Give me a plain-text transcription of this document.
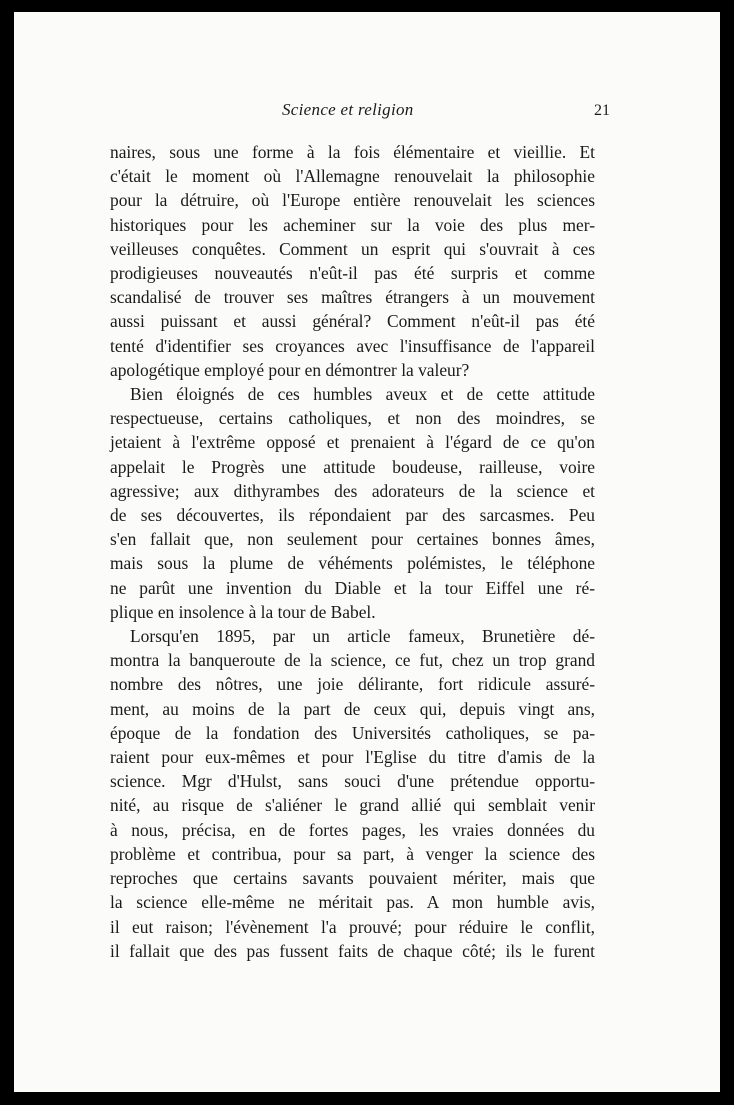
Science et religion	21

naires, sous une forme à la fois élémentaire et vieillie. Et
c'était le moment où l'Allemagne renouvelait la philosophie
pour la détruire, où l'Europe entière renouvelait les sciences
historiques pour les acheminer sur la voie des plus mer-
veilleuses conquêtes. Comment un esprit qui s'ouvrait à ces
prodigieuses nouveautés n'eût-il pas été surpris et comme
scandalisé de trouver ses maîtres étrangers à un mouvement
aussi puissant et aussi général? Comment n'eût-il pas été
tenté d'identifier ses croyances avec l'insuffisance de l'appareil
apologétique employé pour en démontrer la valeur?

Bien éloignés de ces humbles aveux et de cette attitude
respectueuse, certains catholiques, et non des moindres, se
jetaient à l'extrême opposé et prenaient à l'égard de ce qu'on
appelait le Progrès une attitude boudeuse, railleuse, voire
agressive; aux dithyrambes des adorateurs de la science et
de ses découvertes, ils répondaient par des sarcasmes. Peu
s'en fallait que, non seulement pour certaines bonnes âmes,
mais sous la plume de véhéments polémistes, le téléphone
ne parût une invention du Diable et la tour Eiffel une ré-
plique en insolence à la tour de Babel.

Lorsqu'en 1895, par un article fameux, Brunetière dé-
montra la banqueroute de la science, ce fut, chez un trop grand
nombre des nôtres, une joie délirante, fort ridicule assuré-
ment, au moins de la part de ceux qui, depuis vingt ans,
époque de la fondation des Universités catholiques, se pa-
raient pour eux-mêmes et pour l'Eglise du titre d'amis de la
science. Mgr d'Hulst, sans souci d'une prétendue opportu-
nité, au risque de s'aliéner le grand allié qui semblait venir
à nous, précisa, en de fortes pages, les vraies données du
problème et contribua, pour sa part, à venger la science des
reproches que certains savants pouvaient mériter, mais que
la science elle-même ne méritait pas. A mon humble avis,
il eut raison; l'évènement l'a prouvé; pour réduire le conflit,
il fallait que des pas fussent faits de chaque côté; ils le furent
